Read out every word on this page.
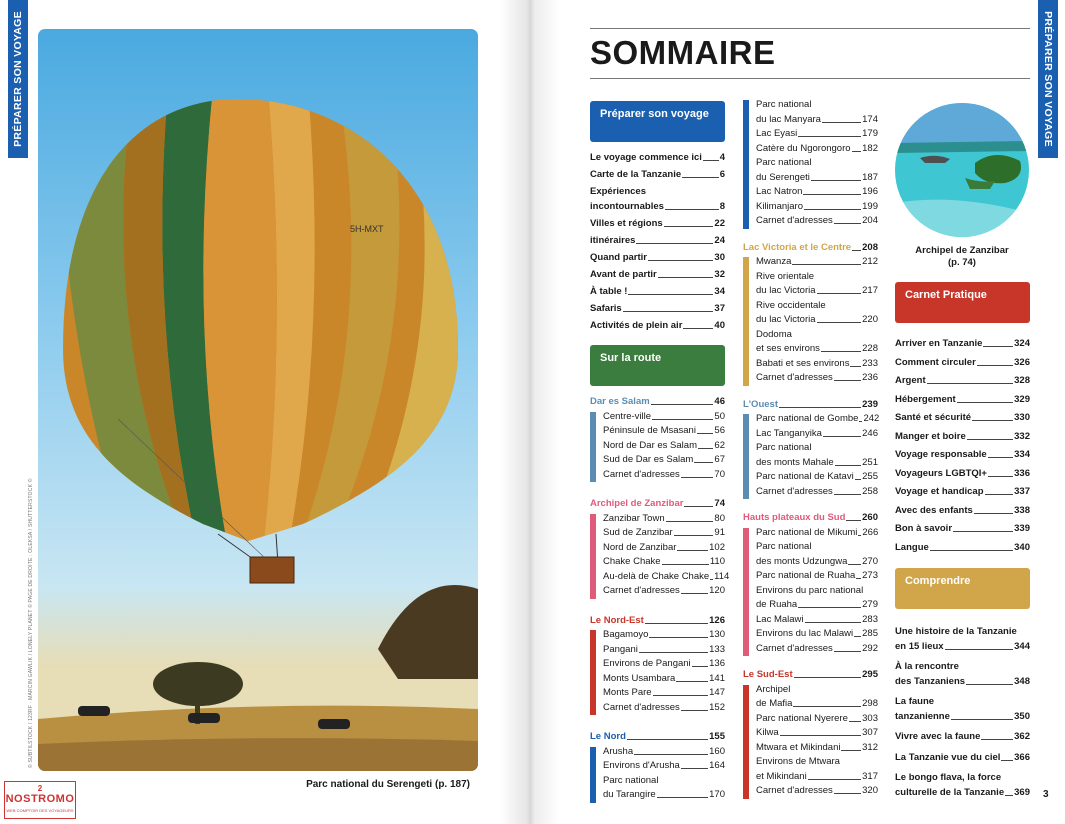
PRÉPARER SON VOYAGE
5H-MXT
© SUBTILSTOCK / 123RF · MARCIN GAWLIK / LONELY PLANET © PAGE DE DROITE : OLEKSA / SHUTTERSTOCK ©
Parc national du Serengeti (p. 187)
2
NOSTROMO
WEB COMPTOIR DES VOYAGEURS
PRÉPARER SON VOYAGE
SOMMAIRE
Préparer son voyage
Le voyage commence ici 4
Carte de la Tanzanie	6
Expériences
incontournables	8
Villes et régions	22
itinéraires	24
Quand partir	30
Avant de partir	32
À table !	34
Safaris	37
Activités de plein air	40
Sur la route
Dar es Salam	46
Centre-ville	50
Péninsule de Msasani 56
Nord de Dar es Salam 62
Sud de Dar es Salam 67
Carnet d'adresses	70
Archipel de Zanzibar	74
Zanzibar Town	80
Sud de Zanzibar	91
Nord de Zanzibar	102
Chake Chake	110
Au-delà de Chake Chake 114
Carnet d'adresses	120
Le Nord-Est	126
Bagamoyo	130
Pangani	133
Environs de Pangani 136
Monts Usambara	141
Monts Pare	147
Carnet d'adresses	152
Le Nord	155
Arusha	160
Environs d'Arusha	164
Parc national
du Tarangire	170
Parc national
du lac Manyara	174
Lac Eyasi	179
Catère du Ngorongoro 182
Parc national
du Serengeti	187
Lac Natron	196
Kilimanjaro	199
Carnet d'adresses	204
Lac Victoria et le Centre 208
Mwanza	212
Rive orientale
du lac Victoria	217
Rive occidentale
du lac Victoria	220
Dodoma
et ses environs	228
Babati et ses environs 233
Carnet d'adresses	236
L'Ouest	239
Parc national de Gombe 242
Lac Tanganyika	246
Parc national
des monts Mahale	251
Parc national de Katavi 255
Carnet d'adresses	258
Hauts plateaux du Sud 260
Parc national de Mikumi 266
Parc national
des monts Udzungwa 270
Parc national de Ruaha 273
Environs du parc national
de Ruaha	279
Lac Malawi	283
Environs du lac Malawi 285
Carnet d'adresses	292
Le Sud-Est	295
Archipel
de Mafia	298
Parc national Nyerere 303
Kilwa	307
Mtwara et Mikindani 312
Environs de Mtwara
et Mikindani	317
Carnet d'adresses	320
Archipel de Zanzibar
(p. 74)
Carnet Pratique
Arriver en Tanzanie	324
Comment circuler	326
Argent	328
Hébergement	329
Santé et sécurité	330
Manger et boire	332
Voyage responsable	334
Voyageurs LGBTQI+	336
Voyage et handicap	337
Avec des enfants	338
Bon à savoir	339
Langue	340
Comprendre
Une histoire de la Tanzanie
en 15 lieux	344
À la rencontre
des Tanzaniens	348
La faune
tanzanienne	350
Vivre avec la faune	362
La Tanzanie vue du ciel 366
Le bongo flava, la force
culturelle de la Tanzanie 369 3
